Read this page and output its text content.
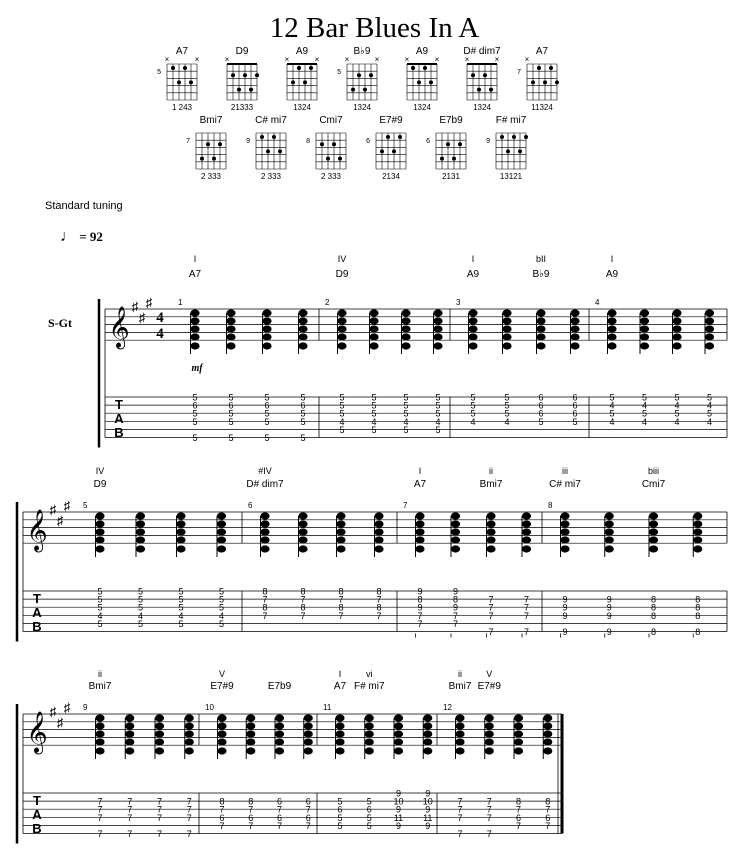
12 Bar Blues In A
Standard tuning
♩ = 92
A7
×	×
5
1 243
D9
×
21333
A9
×	×
1324
B♭9
×	×
5
1324
A9
×	×
1324
D# dim7
×	×
1324
A7
×
7
11324
Bmi7
7
2 333
C# mi7
9
2 333
Cmi7
8
2 333
E7#9
6
2134
E7b9
6
2131
F# mi7
9
13121
𝄞
♯
♯
♯
T
A
B
4
4
mf
S-Gt
1
I
A7
5
6
5
5
5
5
6
5
5
5
5
6
5
5
5
5
6
5
5
5
2
IV
D9
5
5
5
4
5
5
5
5
4
5
5
5
5
4
5
5
5
5
4
5
3
I
A9
bII
B♭9
5
5
5
4
5
5
5
4
6
6
6
5
6
6
6
5
4
I
A9
5
4
5
4
5
4
5
4
5
4
5
4
5
4
5
4
𝄞
♯
♯
♯
T
A
B
5
IV
D9
5
5
5
4
5
5
5
5
4
5
5
5
5
4
5
5
5
5
4
5
6
#IV
D# dim7
8
7
8
7
8
7
8
7
8
7
8
7
8
7
8
7
7
I
A7
ii
Bmi7
9
8
9
7
7
9
8
9
7
7
7
7
7
7
7
7
7
7
8
iii
C# mi7
biii
Cmi7
9
9
9
9
9
9
9
9
8
8
8
8
8
8
8
8
𝄞
♯
♯
♯
T
A
B
9
ii
Bmi7
7
7
7
7
7
7
7
7
7
7
7
7
7
7
7
7
10
V
E7#9	E7b9
8
7
6
7
8
7
6
7
6
7
6
7
6
7
6
7
11
I
A7
vi
F# mi7
5
6
5
5
5
6
5
5
9
10
9
11
9
9
10
9
11
9
12
ii
Bmi7
V
E7#9
7
7
7
7
7
7
7
7
8
7
6
7
8
7
6
7
